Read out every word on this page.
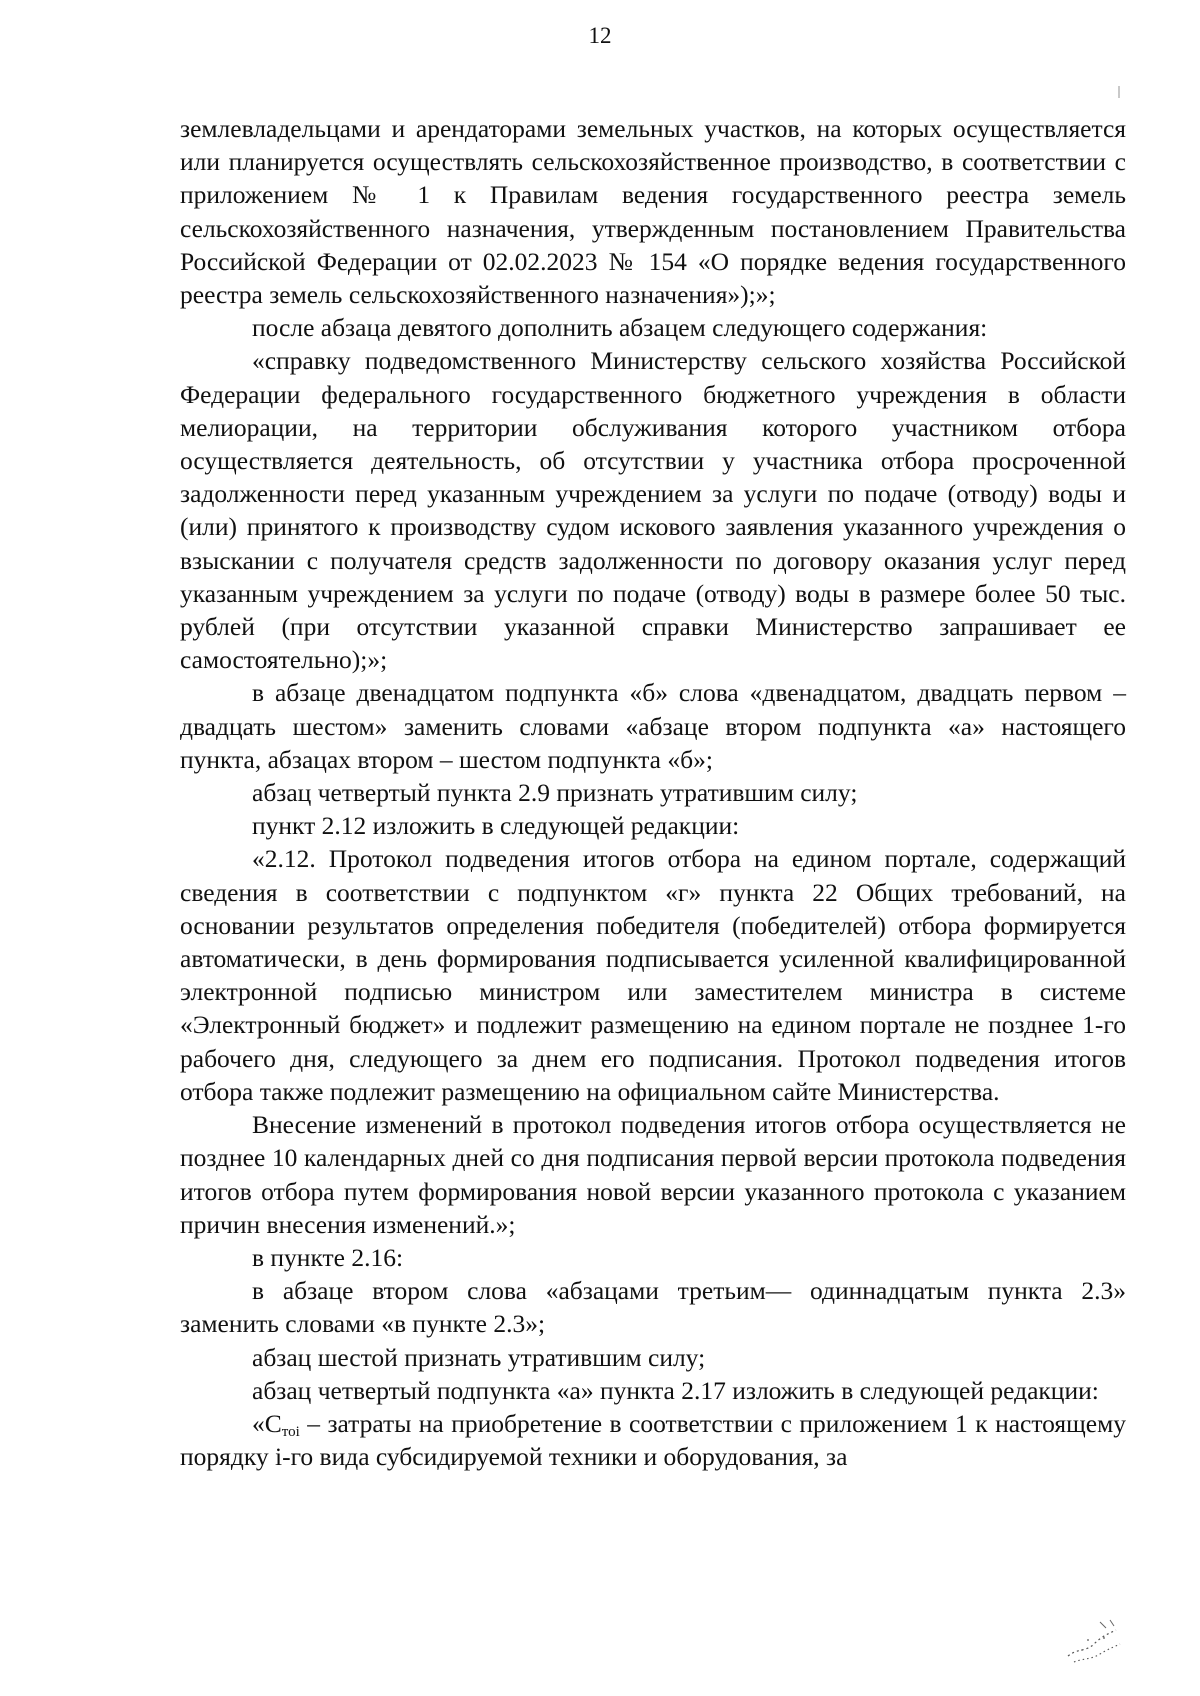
12

землевладельцами и арендаторами земельных участков, на которых осуществляется или планируется осуществлять сельскохозяйственное производство, в соответствии с приложением № 1 к Правилам ведения государственного реестра земель сельскохозяйственного назначения, утвержденным постановлением Правительства Российской Федерации от 02.02.2023 № 154 «О порядке ведения государственного реестра земель сельскохозяйственного назначения»);»;

после абзаца девятого дополнить абзацем следующего содержания:

«справку подведомственного Министерству сельского хозяйства Российской Федерации федерального государственного бюджетного учреждения в области мелиорации, на территории обслуживания которого участником отбора осуществляется деятельность, об отсутствии у участника отбора просроченной задолженности перед указанным учреждением за услуги по подаче (отводу) воды и (или) принятого к производству судом искового заявления указанного учреждения о взыскании с получателя средств задолженности по договору оказания услуг перед указанным учреждением за услуги по подаче (отводу) воды в размере более 50 тыс. рублей (при отсутствии указанной справки Министерство запрашивает ее самостоятельно);»;

в абзаце двенадцатом подпункта «б» слова «двенадцатом, двадцать первом – двадцать шестом» заменить словами «абзаце втором подпункта «а» настоящего пункта, абзацах втором – шестом подпункта «б»;

абзац четвертый пункта 2.9 признать утратившим силу;

пункт 2.12 изложить в следующей редакции:

«2.12. Протокол подведения итогов отбора на едином портале, содержащий сведения в соответствии с подпунктом «г» пункта 22 Общих требований, на основании результатов определения победителя (победителей) отбора формируется автоматически, в день формирования подписывается усиленной квалифицированной электронной подписью министром или заместителем министра в системе «Электронный бюджет» и подлежит размещению на едином портале не позднее 1-го рабочего дня, следующего за днем его подписания. Протокол подведения итогов отбора также подлежит размещению на официальном сайте Министерства.

Внесение изменений в протокол подведения итогов отбора осуществляется не позднее 10 календарных дней со дня подписания первой версии протокола подведения итогов отбора путем формирования новой версии указанного протокола с указанием причин внесения изменений.»;

в пункте 2.16:

в абзаце втором слова «абзацами третьим— одиннадцатым пункта 2.3» заменить словами «в пункте 2.3»;

абзац шестой признать утратившим силу;

абзац четвертый подпункта «а» пункта 2.17 изложить в следующей редакции:

«$C_{тоi}$ – затраты на приобретение в соответствии с приложением 1 к настоящему порядку i-го вида субсидируемой техники и оборудования, за
